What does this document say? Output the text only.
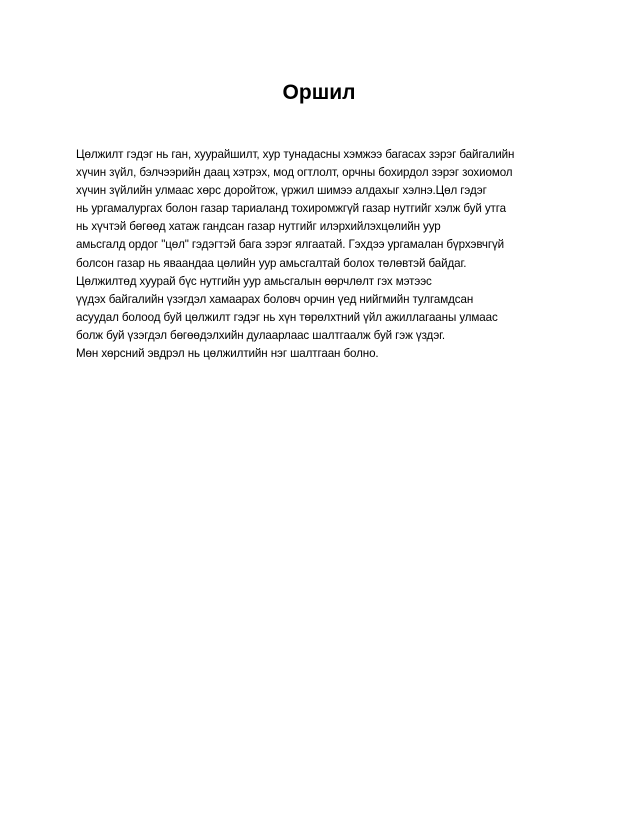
Оршил
Цөлжилт гэдэг нь ган, хуурайшилт, хур тунадасны хэмжээ багасах зэрэг байгалийн
хүчин зүйл, бэлчээрийн даац хэтрэх, мод огтлолт, орчны бохирдол зэрэг зохиомол
хүчин зүйлийн улмаас хөрс доройтож, үржил шимээ алдахыг хэлнэ.Цөл гэдэг
нь ургамалургах болон газар тариаланд тохиромжгүй газар нутгийг хэлж буй утга
нь хүчтэй бөгөөд хатаж гандсан газар нутгийг илэрхийлэхцөлийн уур
амьсгалд ордог "цөл" гэдэгтэй бага зэрэг ялгаатай. Гэхдээ ургамалан бүрхэвчгүй
болсон газар нь яваандаа цөлийн уур амьсгалтай болох төлөвтэй байдаг.
Цөлжилтөд хуурай бүс нутгийн уур амьсгалын өөрчлөлт гэх мэтээс
үүдэх байгалийн үзэгдэл хамаарах боловч орчин үед нийгмийн тулгамдсан
асуудал болоод буй цөлжилт гэдэг нь хүн төрөлхтний үйл ажиллагааны улмаас
болж буй үзэгдэл бөгөөдэлхийн дулаарлаас шалтгаалж буй гэж үздэг.
Мөн хөрсний эвдрэл нь цөлжилтийн нэг шалтгаан болно.
